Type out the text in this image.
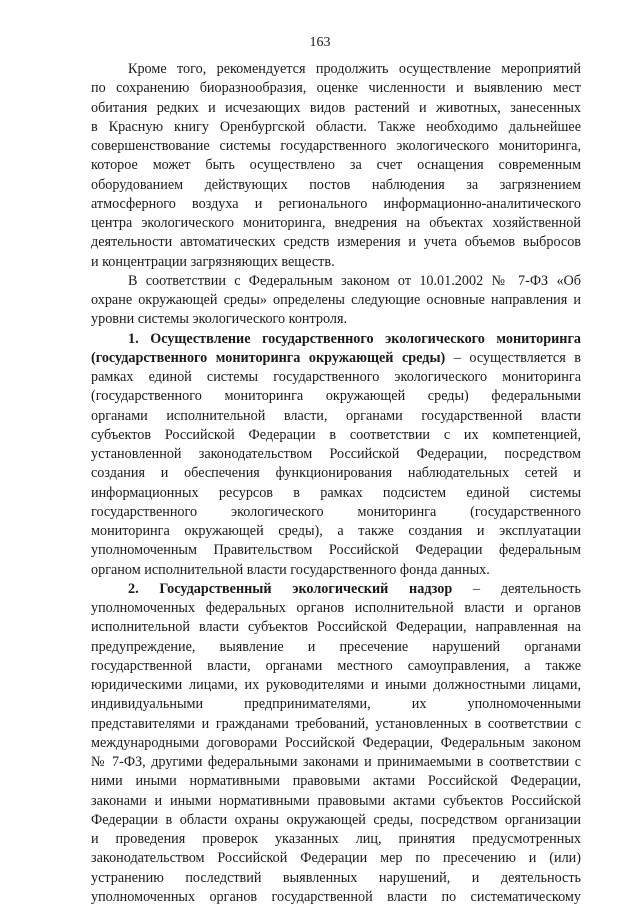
163
Кроме того, рекомендуется продолжить осуществление мероприятий
по сохранению биоразнообразия, оценке численности и выявлению мест
обитания редких и исчезающих видов растений и животных, занесенных
в Красную книгу Оренбургской области. Также необходимо дальнейшее
совершенствование системы государственного экологического мониторинга,
которое может быть осуществлено за счет оснащения современным
оборудованием действующих постов наблюдения за загрязнением
атмосферного воздуха и регионального информационно-аналитического
центра экологического мониторинга, внедрения на объектах хозяйственной
деятельности автоматических средств измерения и учета объемов выбросов
и концентрации загрязняющих веществ.
В соответствии с Федеральным законом от 10.01.2002 № 7-ФЗ «Об
охране окружающей среды» определены следующие основные направления и
уровни системы экологического контроля.
1. Осуществление государственного экологического мониторинга
(государственного мониторинга окружающей среды) – осуществляется в
рамках единой системы государственного экологического мониторинга
(государственного мониторинга окружающей среды) федеральными
органами исполнительной власти, органами государственной власти
субъектов Российской Федерации в соответствии с их компетенцией,
установленной законодательством Российской Федерации, посредством
создания и обеспечения функционирования наблюдательных сетей и
информационных ресурсов в рамках подсистем единой системы
государственного экологического мониторинга (государственного
мониторинга окружающей среды), а также создания и эксплуатации
уполномоченным Правительством Российской Федерации федеральным
органом исполнительной власти государственного фонда данных.
2. Государственный экологический надзор – деятельность
уполномоченных федеральных органов исполнительной власти и органов
исполнительной власти субъектов Российской Федерации, направленная на
предупреждение, выявление и пресечение нарушений органами
государственной власти, органами местного самоуправления, а также
юридическими лицами, их руководителями и иными должностными лицами,
индивидуальными предпринимателями, их уполномоченными
представителями и гражданами требований, установленных в соответствии с
международными договорами Российской Федерации, Федеральным законом
№ 7-ФЗ, другими федеральными законами и принимаемыми в соответствии с
ними иными нормативными правовыми актами Российской Федерации,
законами и иными нормативными правовыми актами субъектов Российской
Федерации в области охраны окружающей среды, посредством организации
и проведения проверок указанных лиц, принятия предусмотренных
законодательством Российской Федерации мер по пресечению и (или)
устранению последствий выявленных нарушений, и деятельность
уполномоченных органов государственной власти по систематическому
